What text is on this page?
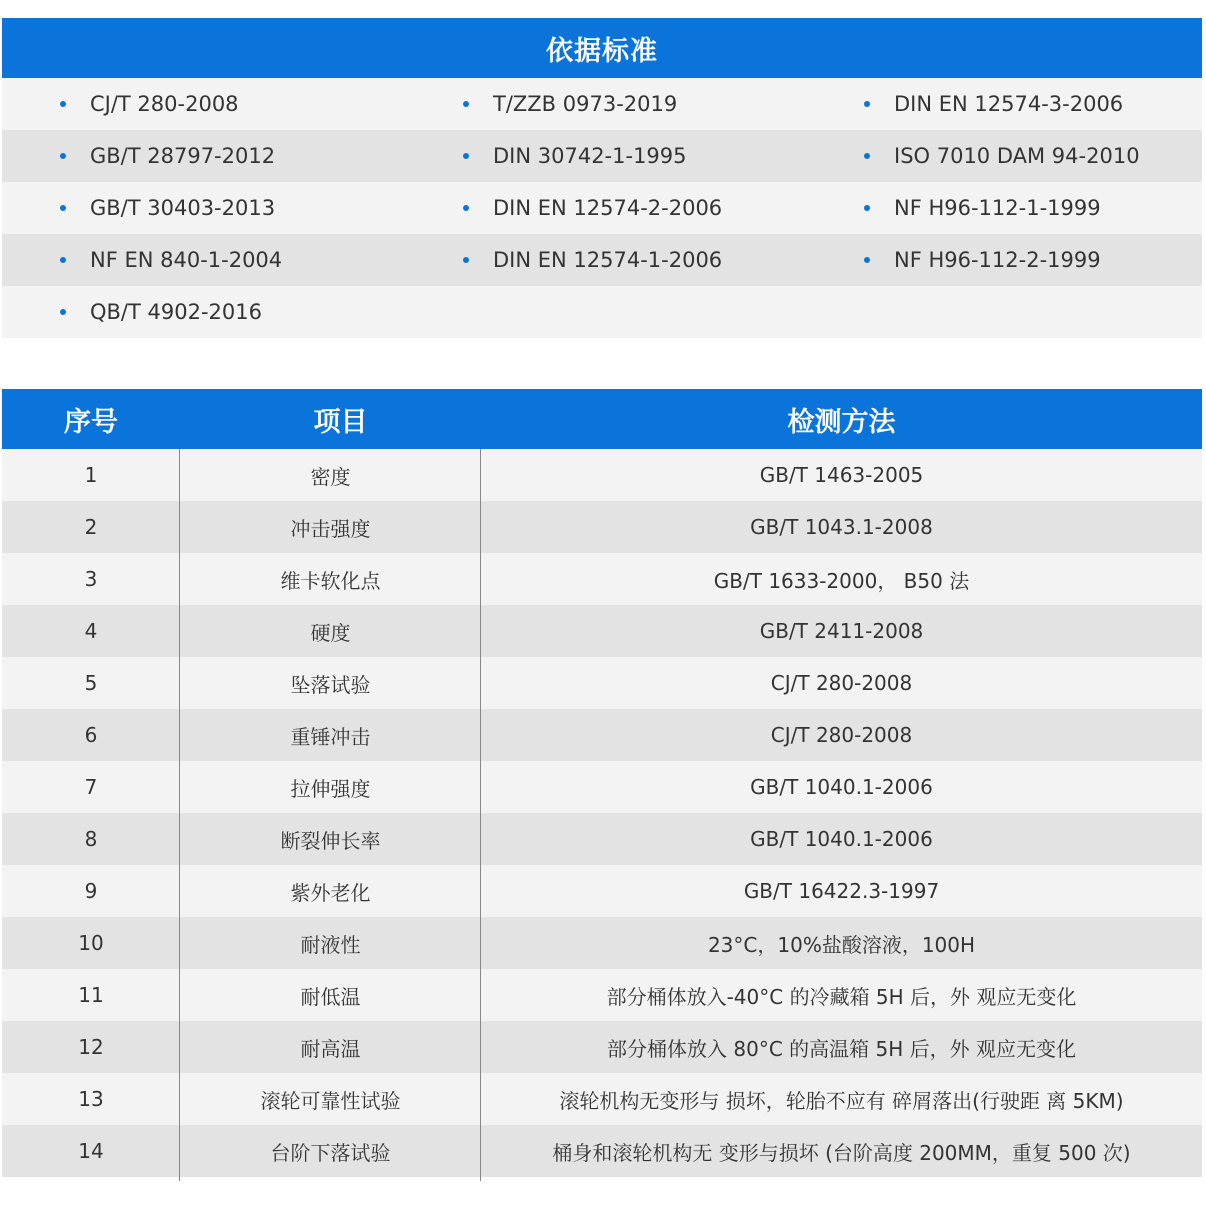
依据标准
CJ/T 280-2008	T/ZZB 0973-2019	DIN EN 12574-3-2006
GB/T 28797-2012	DIN 30742-1-1995	ISO 7010 DAM 94-2010
GB/T 30403-2013	DIN EN 12574-2-2006	NF H96-112-1-1999
NF EN 840-1-2004	DIN EN 12574-1-2006	NF H96-112-2-1999
QB/T 4902-2016
序号	项目	检测方法
1	密度	GB/T 1463-2005
2	冲击强度	GB/T 1043.1-2008
3	维卡软化点	GB/T 1633-2000， B50 法
4	硬度	GB/T 2411-2008
5	坠落试验	CJ/T 280-2008
6	重锤冲击	CJ/T 280-2008
7	拉伸强度	GB/T 1040.1-2006
8	断裂伸长率	GB/T 1040.1-2006
9	紫外老化	GB/T 16422.3-1997
10	耐液性	23°C，10%盐酸溶液，100H
11	耐低温	部分桶体放入-40°C 的冷藏箱 5H 后，外 观应无变化
12	耐高温	部分桶体放入 80°C 的高温箱 5H 后，外 观应无变化
13	滚轮可靠性试验	滚轮机构无变形与 损坏，轮胎不应有 碎屑落出(行驶距 离 5KM)
14	台阶下落试验	桶身和滚轮机构无 变形与损坏 (台阶高度 200MM，重复 500 次)
